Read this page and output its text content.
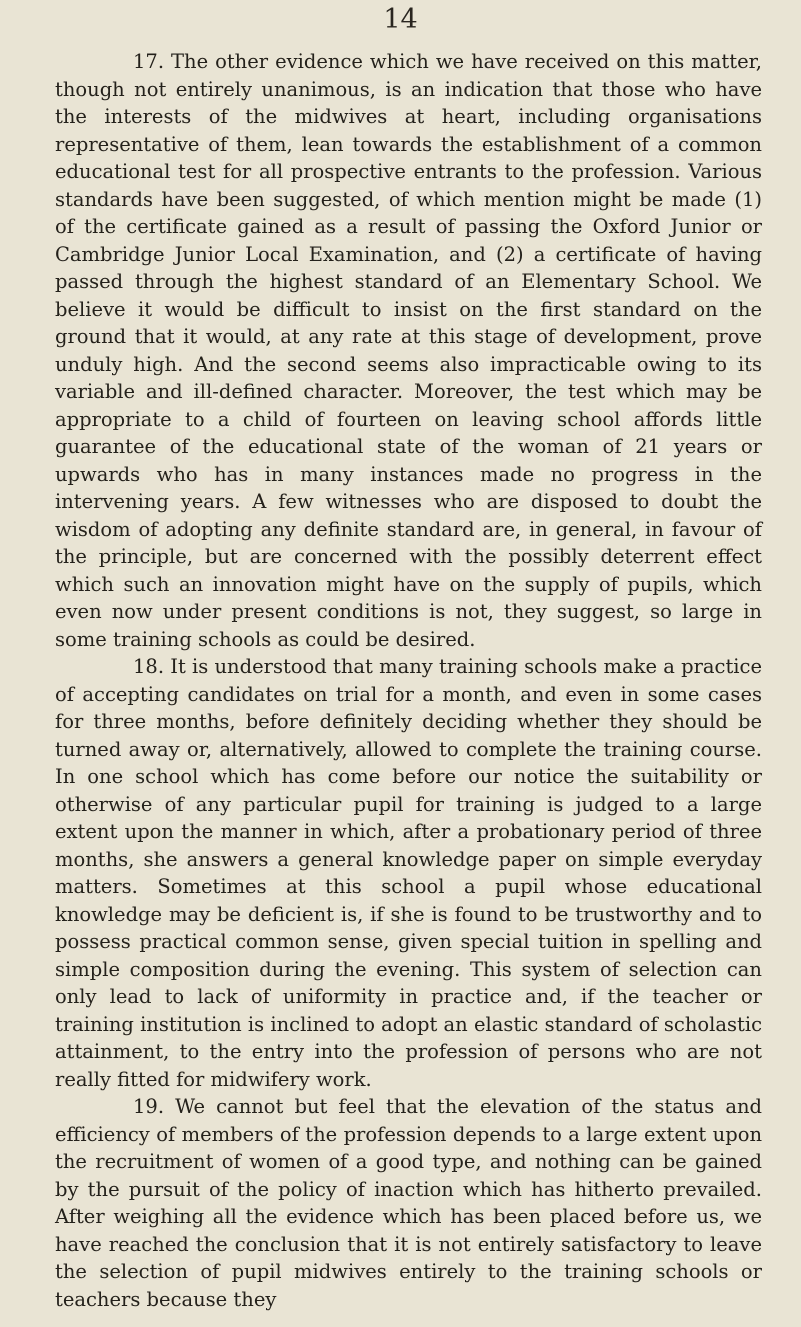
14

17. The other evidence which we have received on this matter, though not entirely unanimous, is an indication that those who have the interests of the midwives at heart, including organisations representative of them, lean towards the establishment of a common educational test for all prospective entrants to the profession. Various standards have been suggested, of which mention might be made (1) of the certificate gained as a result of passing the Oxford Junior or Cambridge Junior Local Examination, and (2) a certificate of having passed through the highest standard of an Elementary School. We believe it would be difficult to insist on the first standard on the ground that it would, at any rate at this stage of development, prove unduly high. And the second seems also impracticable owing to its variable and ill-defined character. Moreover, the test which may be appropriate to a child of fourteen on leaving school affords little guarantee of the educational state of the woman of 21 years or upwards who has in many instances made no progress in the intervening years. A few witnesses who are disposed to doubt the wisdom of adopting any definite standard are, in general, in favour of the principle, but are concerned with the possibly deterrent effect which such an innovation might have on the supply of pupils, which even now under present conditions is not, they suggest, so large in some training schools as could be desired.

18. It is understood that many training schools make a practice of accepting candidates on trial for a month, and even in some cases for three months, before definitely deciding whether they should be turned away or, alternatively, allowed to complete the training course. In one school which has come before our notice the suitability or otherwise of any particular pupil for training is judged to a large extent upon the manner in which, after a probationary period of three months, she answers a general knowledge paper on simple everyday matters. Sometimes at this school a pupil whose educational knowledge may be deficient is, if she is found to be trustworthy and to possess practical common sense, given special tuition in spelling and simple composition during the evening. This system of selection can only lead to lack of uniformity in practice and, if the teacher or training institution is inclined to adopt an elastic standard of scholastic attainment, to the entry into the profession of persons who are not really fitted for midwifery work.

19. We cannot but feel that the elevation of the status and efficiency of members of the profession depends to a large extent upon the recruitment of women of a good type, and nothing can be gained by the pursuit of the policy of inaction which has hitherto prevailed. After weighing all the evidence which has been placed before us, we have reached the conclusion that it is not entirely satisfactory to leave the selection of pupil midwives entirely to the training schools or teachers because they
